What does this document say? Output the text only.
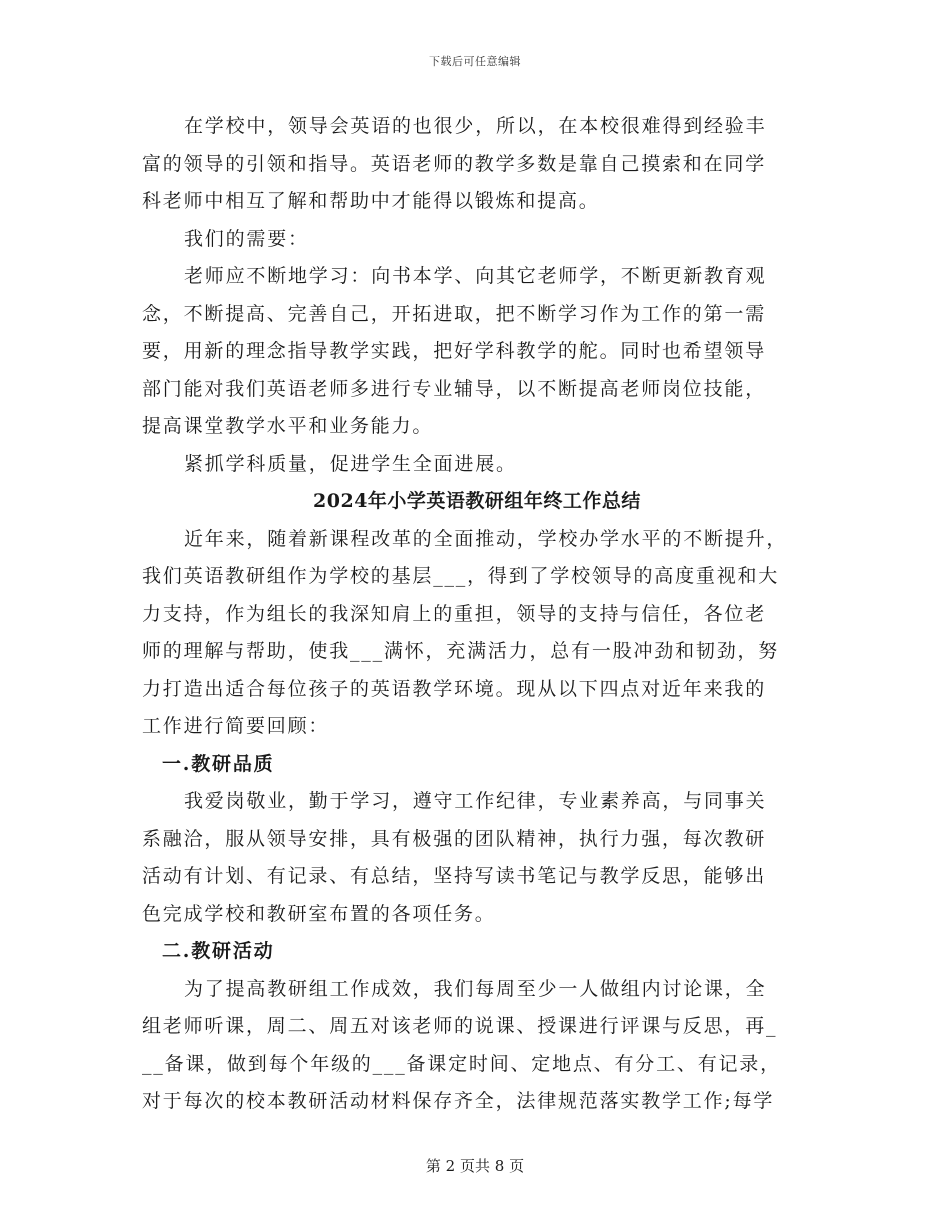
下载后可任意编辑
在学校中，领导会英语的也很少，所以，在本校很难得到经验丰
富的领导的引领和指导。英语老师的教学多数是靠自己摸索和在同学
科老师中相互了解和帮助中才能得以锻炼和提高。
我们的需要：
老师应不断地学习：向书本学、向其它老师学，不断更新教育观
念，不断提高、完善自己，开拓进取，把不断学习作为工作的第一需
要，用新的理念指导教学实践，把好学科教学的舵。同时也希望领导
部门能对我们英语老师多进行专业辅导，以不断提高老师岗位技能，
提高课堂教学水平和业务能力。
紧抓学科质量，促进学生全面进展。
2024年小学英语教研组年终工作总结
近年来，随着新课程改革的全面推动，学校办学水平的不断提升，
我们英语教研组作为学校的基层___，得到了学校领导的高度重视和大
力支持，作为组长的我深知肩上的重担，领导的支持与信任，各位老
师的理解与帮助，使我___满怀，充满活力，总有一股冲劲和韧劲，努
力打造出适合每位孩子的英语教学环境。现从以下四点对近年来我的
工作进行简要回顾：
一.教研品质
我爱岗敬业，勤于学习，遵守工作纪律，专业素养高，与同事关
系融洽，服从领导安排，具有极强的团队精神，执行力强，每次教研
活动有计划、有记录、有总结，坚持写读书笔记与教学反思，能够出
色完成学校和教研室布置的各项任务。
二.教研活动
为了提高教研组工作成效，我们每周至少一人做组内讨论课，全
组老师听课，周二、周五对该老师的说课、授课进行评课与反思，再_
__备课，做到每个年级的___备课定时间、定地点、有分工、有记录，
对于每次的校本教研活动材料保存齐全，法律规范落实教学工作;每学
第 2 页共 8 页
